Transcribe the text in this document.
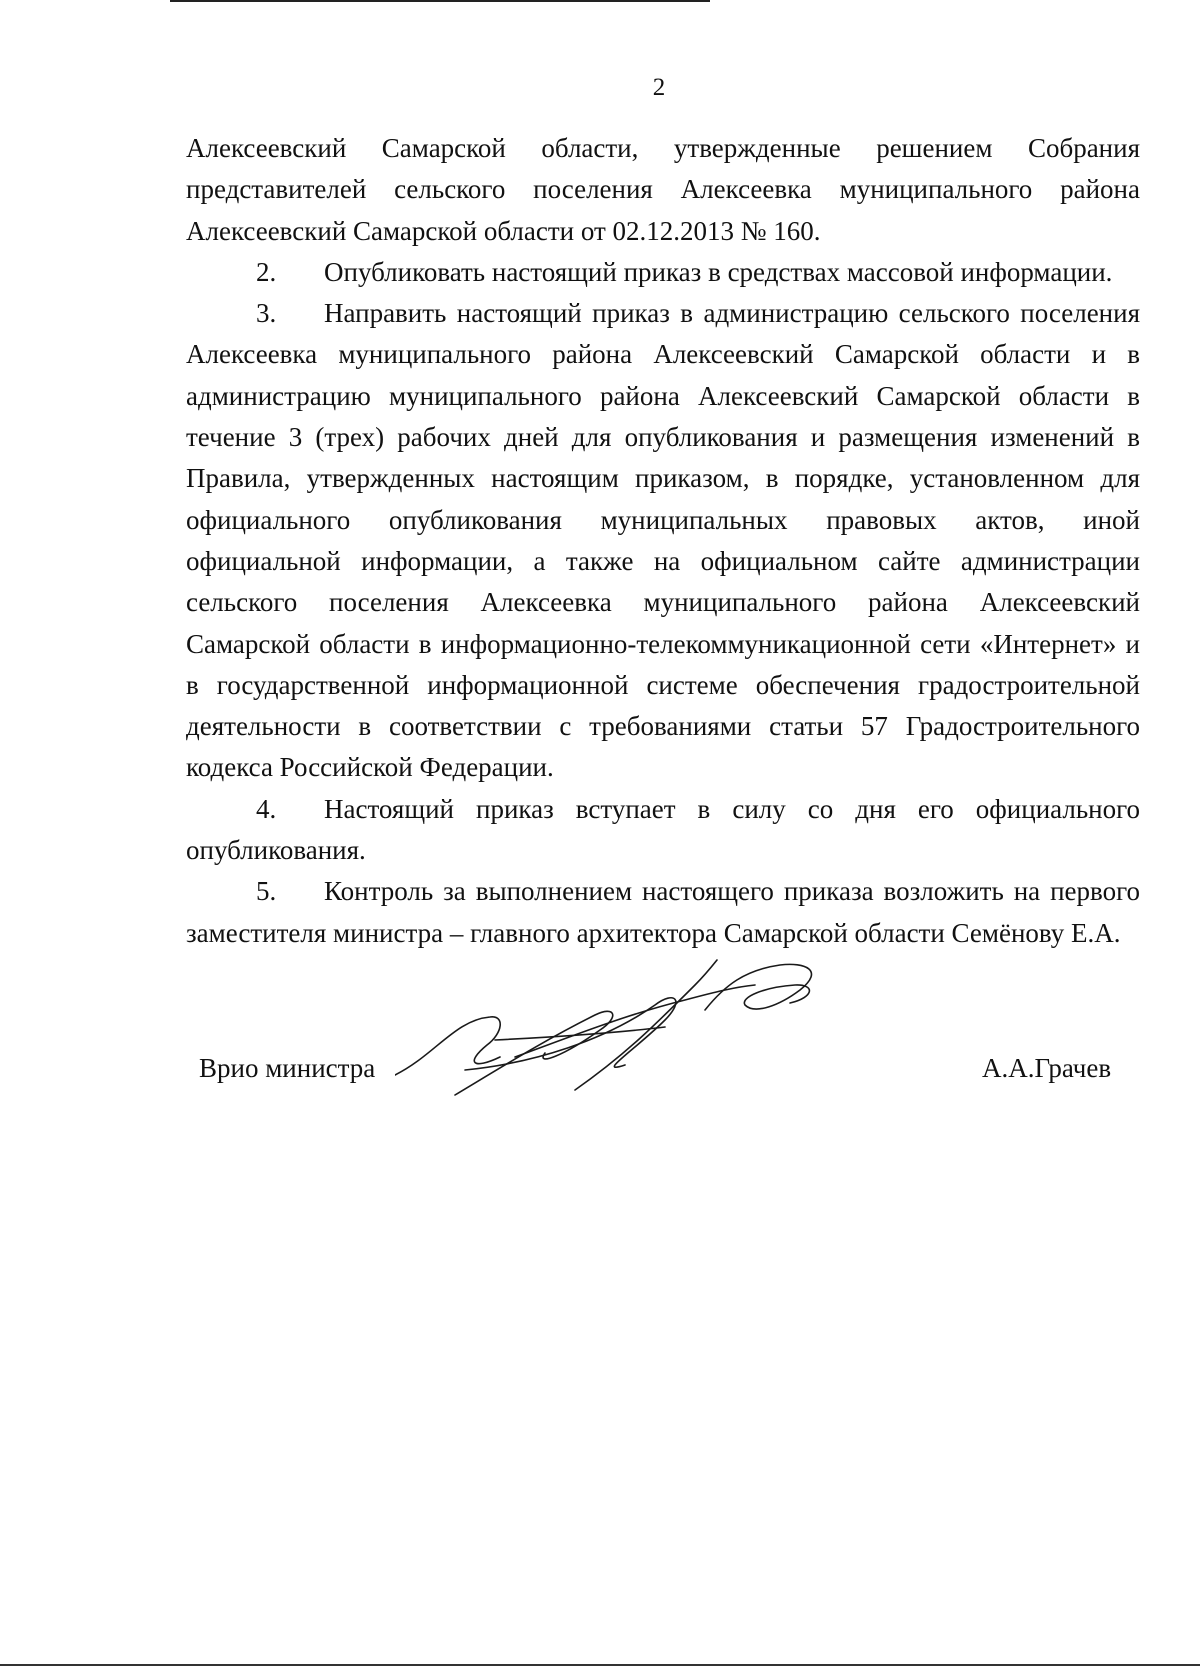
2

Алексеевский Самарской области, утвержденные решением Собрания представителей сельского поселения Алексеевка муниципального района Алексеевский Самарской области от 02.12.2013 № 160.

2. Опубликовать настоящий приказ в средствах массовой информации.

3. Направить настоящий приказ в администрацию сельского поселения Алексеевка муниципального района Алексеевский Самарской области и в администрацию муниципального района Алексеевский Самарской области в течение 3 (трех) рабочих дней для опубликования и размещения изменений в Правила, утвержденных настоящим приказом, в порядке, установленном для официального опубликования муниципальных правовых актов, иной официальной информации, а также на официальном сайте администрации сельского поселения Алексеевка муниципального района Алексеевский Самарской области в информационно-телекоммуникационной сети «Интернет» и в государственной информационной системе обеспечения градостроительной деятельности в соответствии с требованиями статьи 57 Градостроительного кодекса Российской Федерации.

4. Настоящий приказ вступает в силу со дня его официального опубликования.

5. Контроль за выполнением настоящего приказа возложить на первого заместителя министра – главного архитектора Самарской области Семёнову Е.А.

Врио министра	А.А.Грачев
